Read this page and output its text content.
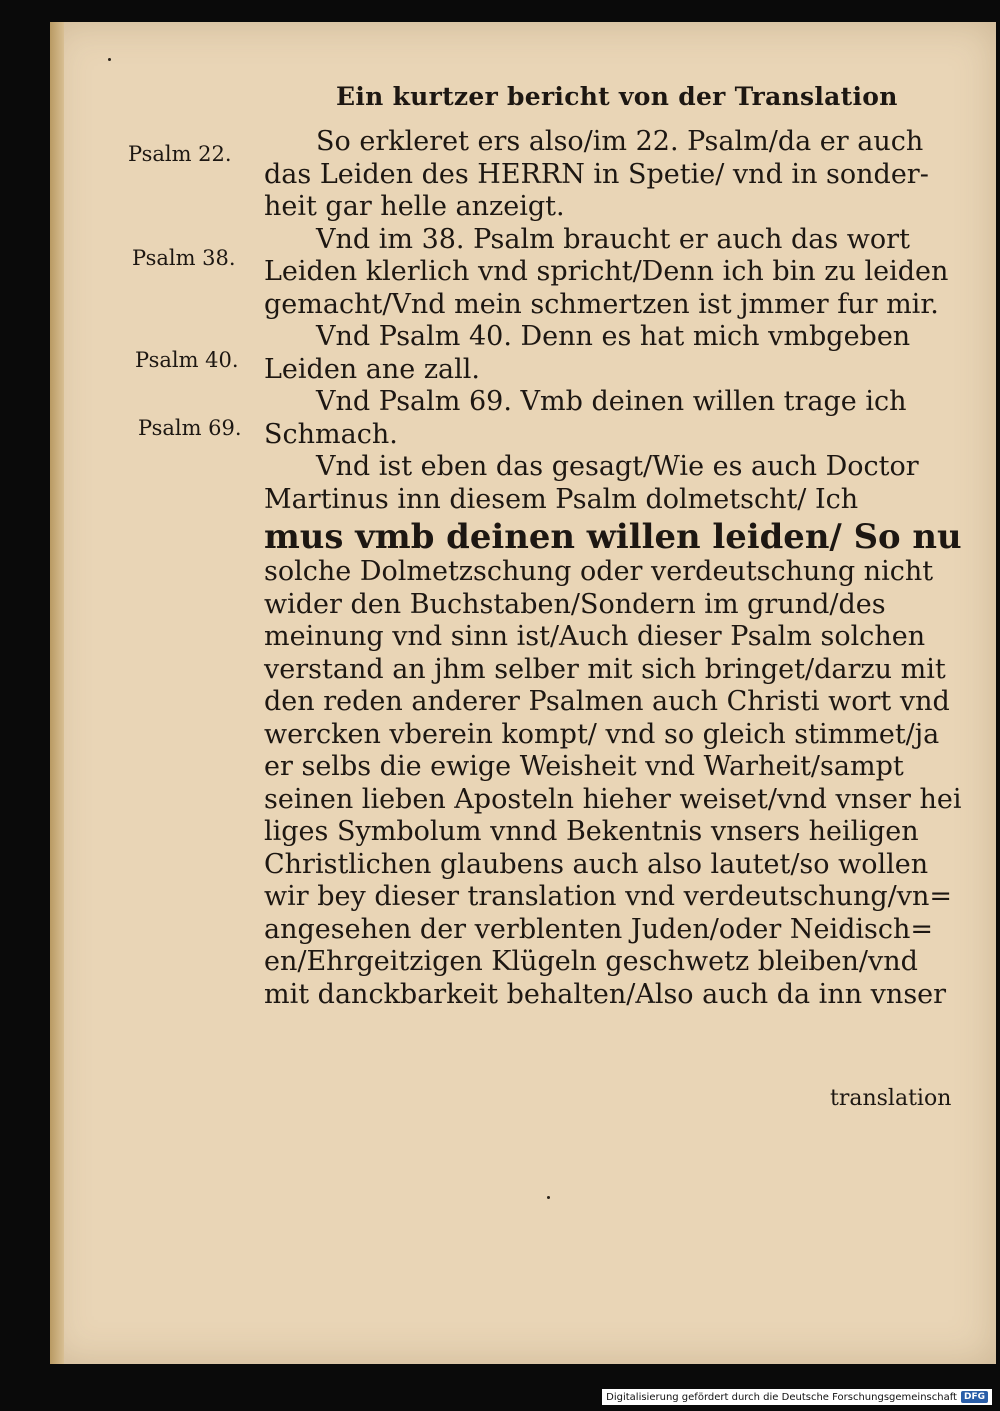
Ein kurtzer bericht von der Translation
Psalm 22.
Psalm 38.
Psalm 40.
Psalm 69.
So erkleret ers also/im 22. Psalm/da er auch
das Leiden des HERRN in Spetie/ vnd in sonder-
heit gar helle anzeigt.
Vnd im 38. Psalm braucht er auch das wort
Leiden klerlich vnd spricht/Denn ich bin zu leiden
gemacht/Vnd mein schmertzen ist jmmer fur mir.
Vnd Psalm 40. Denn es hat mich vmbgeben
Leiden ane zall.
Vnd Psalm 69. Vmb deinen willen trage ich
Schmach.
Vnd ist eben das gesagt/Wie es auch Doctor
Martinus inn diesem Psalm dolmetscht/ Ich
mus vmb deinen willen leiden/ So nu
solche Dolmetzschung oder verdeutschung nicht
wider den Buchstaben/Sondern im grund/des
meinung vnd sinn ist/Auch dieser Psalm solchen
verstand an jhm selber mit sich bringet/darzu mit
den reden anderer Psalmen auch Christi wort vnd
wercken vberein kompt/ vnd so gleich stimmet/ja
er selbs die ewige Weisheit vnd Warheit/sampt
seinen lieben Aposteln hieher weiset/vnd vnser hei
liges Symbolum vnnd Bekentnis vnsers heiligen
Christlichen glaubens auch also lautet/so wollen
wir bey dieser translation vnd verdeutschung/vn=
angesehen der verblenten Juden/oder Neidisch=
en/Ehrgeitzigen Klügeln geschwetz bleiben/vnd
mit danckbarkeit behalten/Also auch da inn vnser
translation
Digitalisierung gefördert durch die Deutsche Forschungsgemeinschaft DFG
